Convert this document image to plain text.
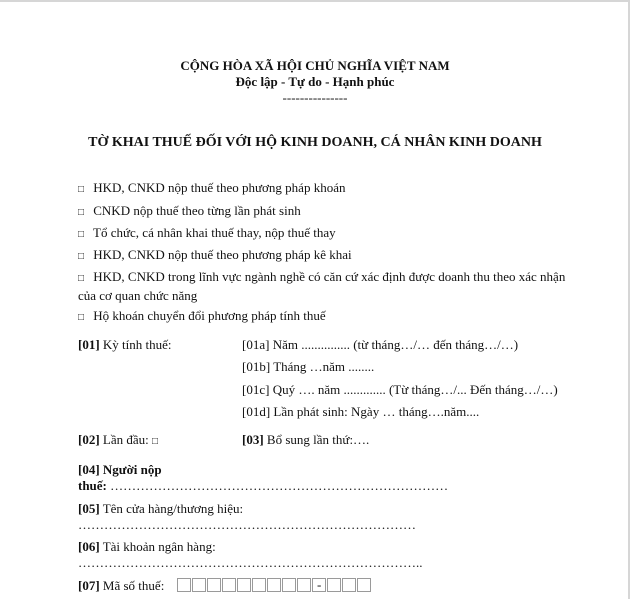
CỘNG HÒA XÃ HỘI CHỦ NGHĨA VIỆT NAM
Độc lập - Tự do - Hạnh phúc
---------------
TỜ KHAI THUẾ ĐỐI VỚI HỘ KINH DOANH, CÁ NHÂN KINH DOANH
□ HKD, CNKD nộp thuế theo phương pháp khoán
□ CNKD nộp thuế theo từng lần phát sinh
□ Tổ chức, cá nhân khai thuế thay, nộp thuế thay
□ HKD, CNKD nộp thuế theo phương pháp kê khai
□ HKD, CNKD trong lĩnh vực ngành nghề có căn cứ xác định được doanh thu theo xác nhận của cơ quan chức năng
□ Hộ khoán chuyển đổi phương pháp tính thuế
[01] Kỳ tính thuế:	[01a] Năm ............... (từ tháng…/… đến tháng…/…)
[01b] Tháng …năm ........
[01c] Quý …. năm ............. (Từ tháng…/... Đến tháng…/…)
[01d] Lần phát sinh: Ngày … tháng….năm....
[02] Lần đầu: □	[03] Bổ sung lần thứ:….
[04] Người nộp
thuế: ……………………………………………………………………
[05] Tên cửa hàng/thương hiệu:
……………………………………………………………………
[06] Tài khoản ngân hàng:
……………………………………………………………………..
[07] Mã số thuế:	-
